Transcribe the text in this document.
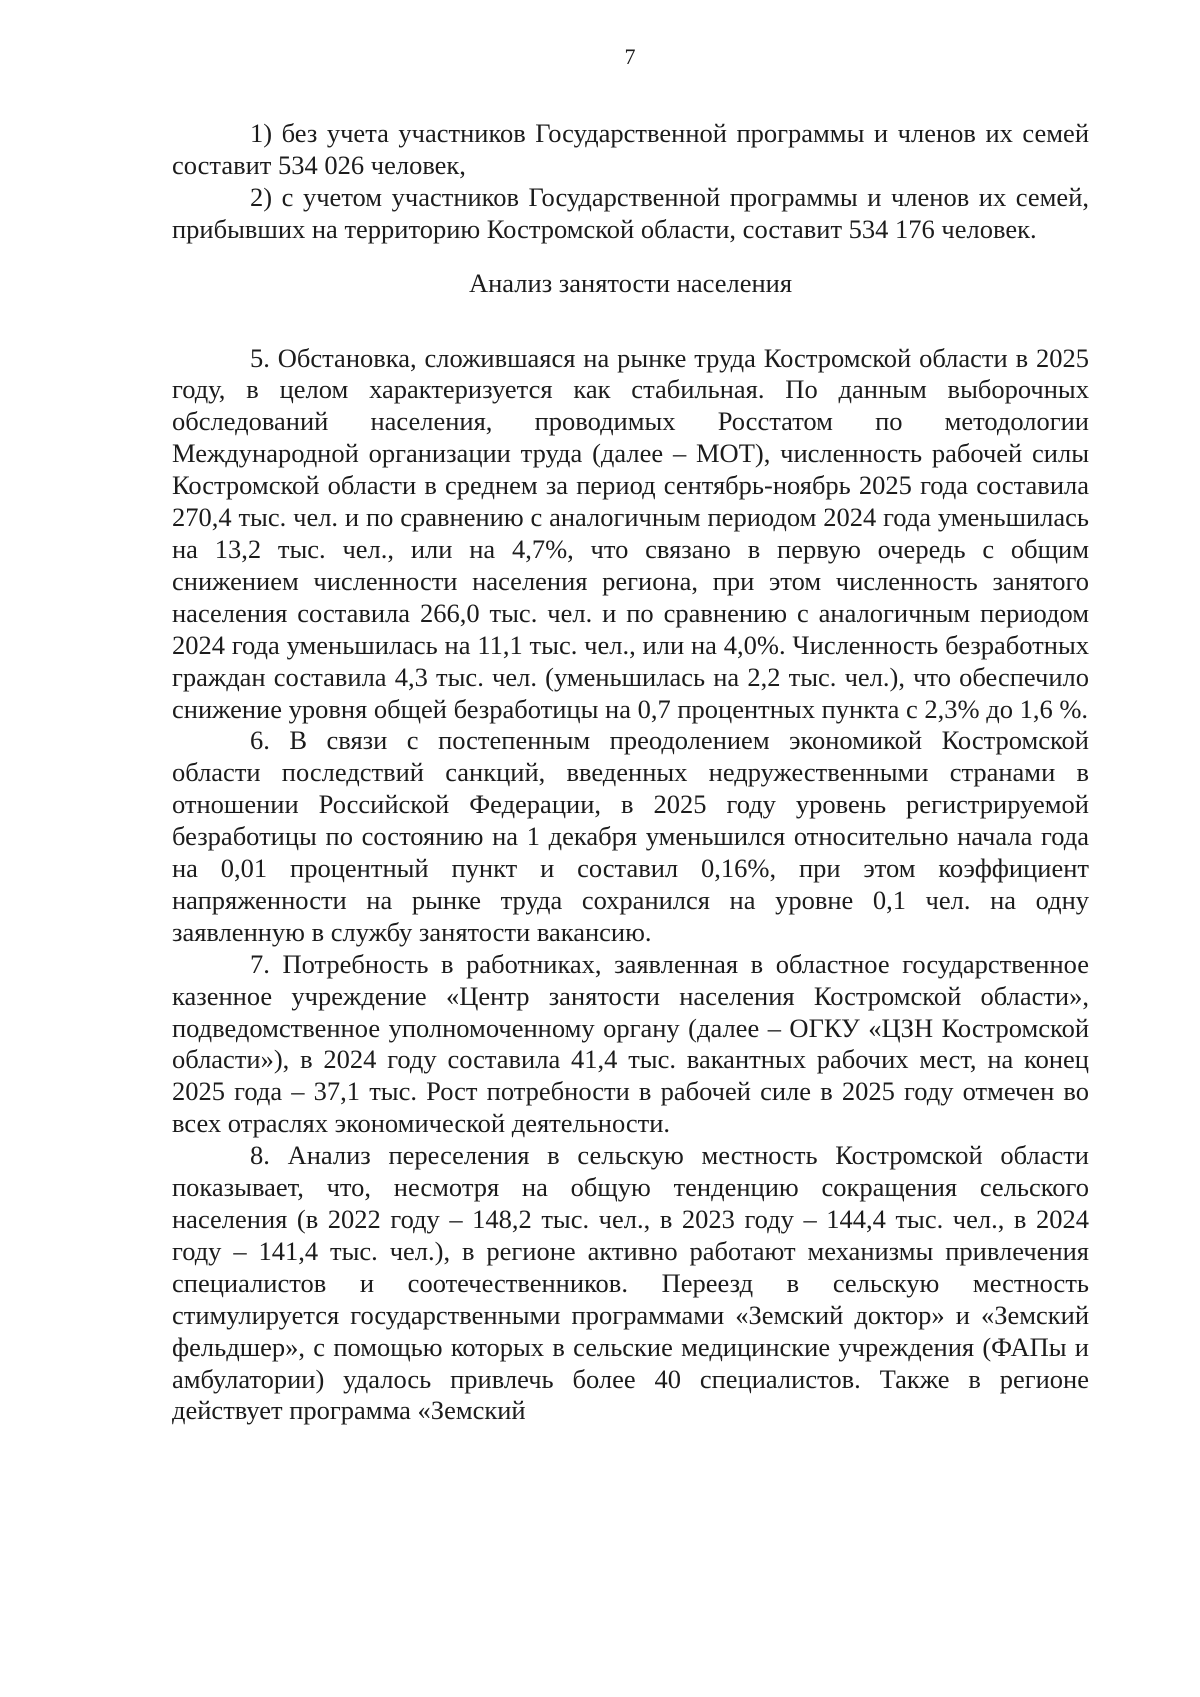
7

1) без учета участников Государственной программы и членов их семей составит 534 026 человек,

2) с учетом участников Государственной программы и членов их семей, прибывших на территорию Костромской области, составит 534 176 человек.

Анализ занятости населения

5. Обстановка, сложившаяся на рынке труда Костромской области в 2025 году, в целом характеризуется как стабильная. По данным выборочных обследований населения, проводимых Росстатом по методологии Международной организации труда (далее – МОТ), численность рабочей силы Костромской области в среднем за период сентябрь-ноябрь 2025 года составила 270,4 тыс. чел. и по сравнению с аналогичным периодом 2024 года уменьшилась на 13,2 тыс. чел., или на 4,7%, что связано в первую очередь с общим снижением численности населения региона, при этом численность занятого населения составила 266,0 тыс. чел. и по сравнению с аналогичным периодом 2024 года уменьшилась на 11,1 тыс. чел., или на 4,0%. Численность безработных граждан составила 4,3 тыс. чел. (уменьшилась на 2,2 тыс. чел.), что обеспечило снижение уровня общей безработицы на 0,7 процентных пункта с 2,3% до 1,6 %.

6. В связи с постепенным преодолением экономикой Костромской области последствий санкций, введенных недружественными странами в отношении Российской Федерации, в 2025 году уровень регистрируемой безработицы по состоянию на 1 декабря уменьшился относительно начала года на 0,01 процентный пункт и составил 0,16%, при этом коэффициент напряженности на рынке труда сохранился на уровне 0,1 чел. на одну заявленную в службу занятости вакансию.

7. Потребность в работниках, заявленная в областное государственное казенное учреждение «Центр занятости населения Костромской области», подведомственное уполномоченному органу (далее – ОГКУ «ЦЗН Костромской области»), в 2024 году составила 41,4 тыс. вакантных рабочих мест, на конец 2025 года – 37,1 тыс. Рост потребности в рабочей силе в 2025 году отмечен во всех отраслях экономической деятельности.

8. Анализ переселения в сельскую местность Костромской области показывает, что, несмотря на общую тенденцию сокращения сельского населения (в 2022 году – 148,2 тыс. чел., в 2023 году – 144,4 тыс. чел., в 2024 году – 141,4 тыс. чел.), в регионе активно работают механизмы привлечения специалистов и соотечественников. Переезд в сельскую местность стимулируется государственными программами «Земский доктор» и «Земский фельдшер», с помощью которых в сельские медицинские учреждения (ФАПы и амбулатории) удалось привлечь более 40 специалистов. Также в регионе действует программа «Земский
